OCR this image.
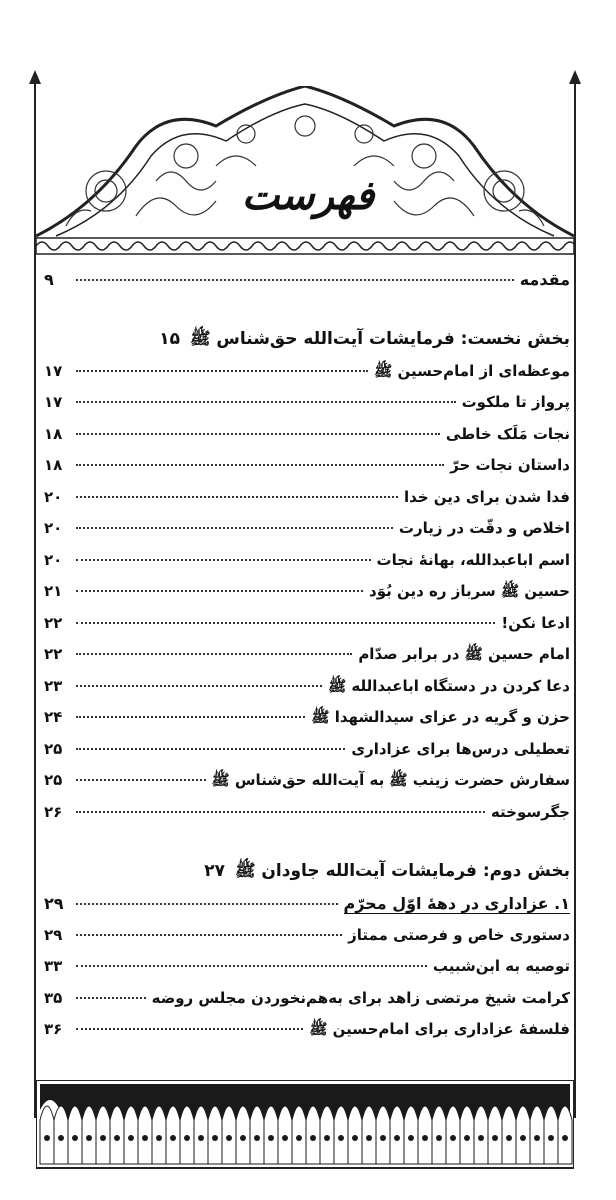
فهرست
مقدمه
۹
بخش نخست: فرمایشات آیت‌الله حق‌شناس ﷺ
۱۵
موعظه‌ای از امام‌حسین ﷺ
۱۷
پرواز تا ملکوت
۱۷
نجات مَلَک خاطی
۱۸
داستان نجات حرّ
۱۸
فدا شدن برای دین خدا
۲۰
اخلاص و دقّت در زیارت
۲۰
اسم اباعبدالله، بهانهٔ نجات
۲۰
حسین ﷺ سرباز ره دین بُوَد
۲۱
ادعا نکن!
۲۲
امام حسین ﷺ در برابر صدّام
۲۲
دعا کردن در دستگاه اباعبدالله ﷺ
۲۳
حزن و گریه در عزای سیدالشهدا ﷺ
۲۴
تعطیلی درس‌ها برای عزاداری
۲۵
سفارش حضرت زینب ﷺ به آیت‌الله حق‌شناس ﷺ
۲۵
جگرسوخته
۲۶
بخش دوم: فرمایشات آیت‌الله جاودان ﷺ
۲۷
۱. عزاداری در دههٔ اوّل محرّم
۲۹
دستوری خاص و فرصتی ممتاز
۲۹
توصیه به ابن‌شبیب
۳۳
کرامت شیخ مرتضی زاهد برای به‌هم‌نخوردن مجلس روضه
۳۵
فلسفهٔ عزاداری برای امام‌حسین ﷺ
۳۶
